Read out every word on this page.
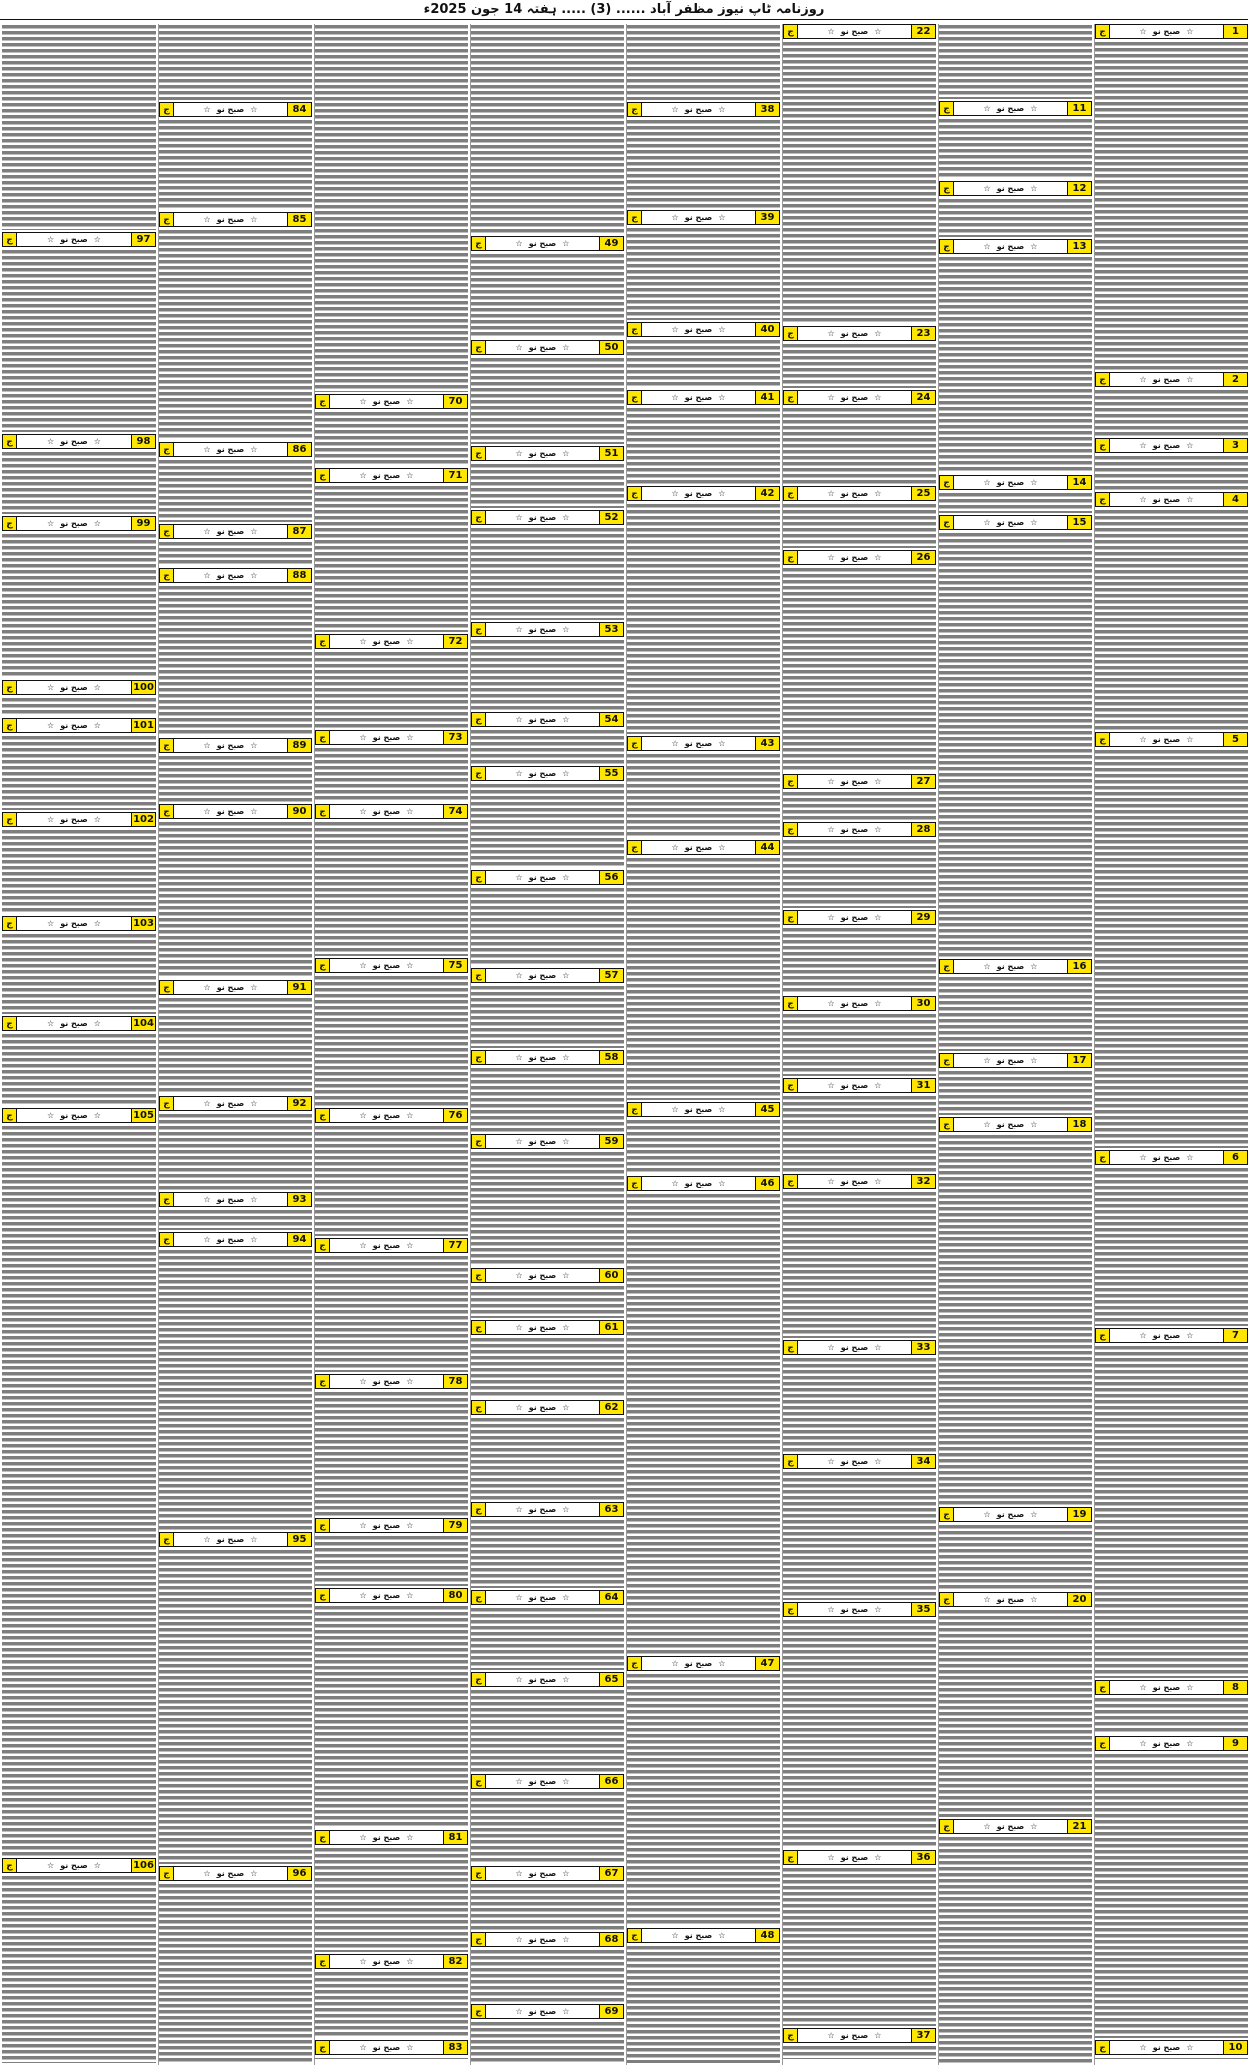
روزنامہ ٹاپ نیوز مظفر آباد ...... (3) ..... ہفتہ 14 جون 2025ء
1
☆
صبح نو
☆
ج
2
☆
صبح نو
☆
ج
3
☆
صبح نو
☆
ج
4
☆
صبح نو
☆
ج
5
☆
صبح نو
☆
ج
6
☆
صبح نو
☆
ج
7
☆
صبح نو
☆
ج
8
☆
صبح نو
☆
ج
9
☆
صبح نو
☆
ج
10
☆
صبح نو
☆
ج
11
☆
صبح نو
☆
ج
12
☆
صبح نو
☆
ج
13
☆
صبح نو
☆
ج
14
☆
صبح نو
☆
ج
15
☆
صبح نو
☆
ج
16
☆
صبح نو
☆
ج
17
☆
صبح نو
☆
ج
18
☆
صبح نو
☆
ج
19
☆
صبح نو
☆
ج
20
☆
صبح نو
☆
ج
21
☆
صبح نو
☆
ج
22
☆
صبح نو
☆
ج
23
☆
صبح نو
☆
ج
24
☆
صبح نو
☆
ج
25
☆
صبح نو
☆
ج
26
☆
صبح نو
☆
ج
27
☆
صبح نو
☆
ج
28
☆
صبح نو
☆
ج
29
☆
صبح نو
☆
ج
30
☆
صبح نو
☆
ج
31
☆
صبح نو
☆
ج
32
☆
صبح نو
☆
ج
33
☆
صبح نو
☆
ج
34
☆
صبح نو
☆
ج
35
☆
صبح نو
☆
ج
36
☆
صبح نو
☆
ج
37
☆
صبح نو
☆
ج
38
☆
صبح نو
☆
ج
39
☆
صبح نو
☆
ج
40
☆
صبح نو
☆
ج
41
☆
صبح نو
☆
ج
42
☆
صبح نو
☆
ج
43
☆
صبح نو
☆
ج
44
☆
صبح نو
☆
ج
45
☆
صبح نو
☆
ج
46
☆
صبح نو
☆
ج
47
☆
صبح نو
☆
ج
48
☆
صبح نو
☆
ج
49
☆
صبح نو
☆
ج
50
☆
صبح نو
☆
ج
51
☆
صبح نو
☆
ج
52
☆
صبح نو
☆
ج
53
☆
صبح نو
☆
ج
54
☆
صبح نو
☆
ج
55
☆
صبح نو
☆
ج
56
☆
صبح نو
☆
ج
57
☆
صبح نو
☆
ج
58
☆
صبح نو
☆
ج
59
☆
صبح نو
☆
ج
60
☆
صبح نو
☆
ج
61
☆
صبح نو
☆
ج
62
☆
صبح نو
☆
ج
63
☆
صبح نو
☆
ج
64
☆
صبح نو
☆
ج
65
☆
صبح نو
☆
ج
66
☆
صبح نو
☆
ج
67
☆
صبح نو
☆
ج
68
☆
صبح نو
☆
ج
69
☆
صبح نو
☆
ج
70
☆
صبح نو
☆
ج
71
☆
صبح نو
☆
ج
72
☆
صبح نو
☆
ج
73
☆
صبح نو
☆
ج
74
☆
صبح نو
☆
ج
75
☆
صبح نو
☆
ج
76
☆
صبح نو
☆
ج
77
☆
صبح نو
☆
ج
78
☆
صبح نو
☆
ج
79
☆
صبح نو
☆
ج
80
☆
صبح نو
☆
ج
81
☆
صبح نو
☆
ج
82
☆
صبح نو
☆
ج
83
☆
صبح نو
☆
ج
84
☆
صبح نو
☆
ج
85
☆
صبح نو
☆
ج
86
☆
صبح نو
☆
ج
87
☆
صبح نو
☆
ج
88
☆
صبح نو
☆
ج
89
☆
صبح نو
☆
ج
90
☆
صبح نو
☆
ج
91
☆
صبح نو
☆
ج
92
☆
صبح نو
☆
ج
93
☆
صبح نو
☆
ج
94
☆
صبح نو
☆
ج
95
☆
صبح نو
☆
ج
96
☆
صبح نو
☆
ج
97
☆
صبح نو
☆
ج
98
☆
صبح نو
☆
ج
99
☆
صبح نو
☆
ج
100
☆
صبح نو
☆
ج
101
☆
صبح نو
☆
ج
102
☆
صبح نو
☆
ج
103
☆
صبح نو
☆
ج
104
☆
صبح نو
☆
ج
105
☆
صبح نو
☆
ج
106
☆
صبح نو
☆
ج
